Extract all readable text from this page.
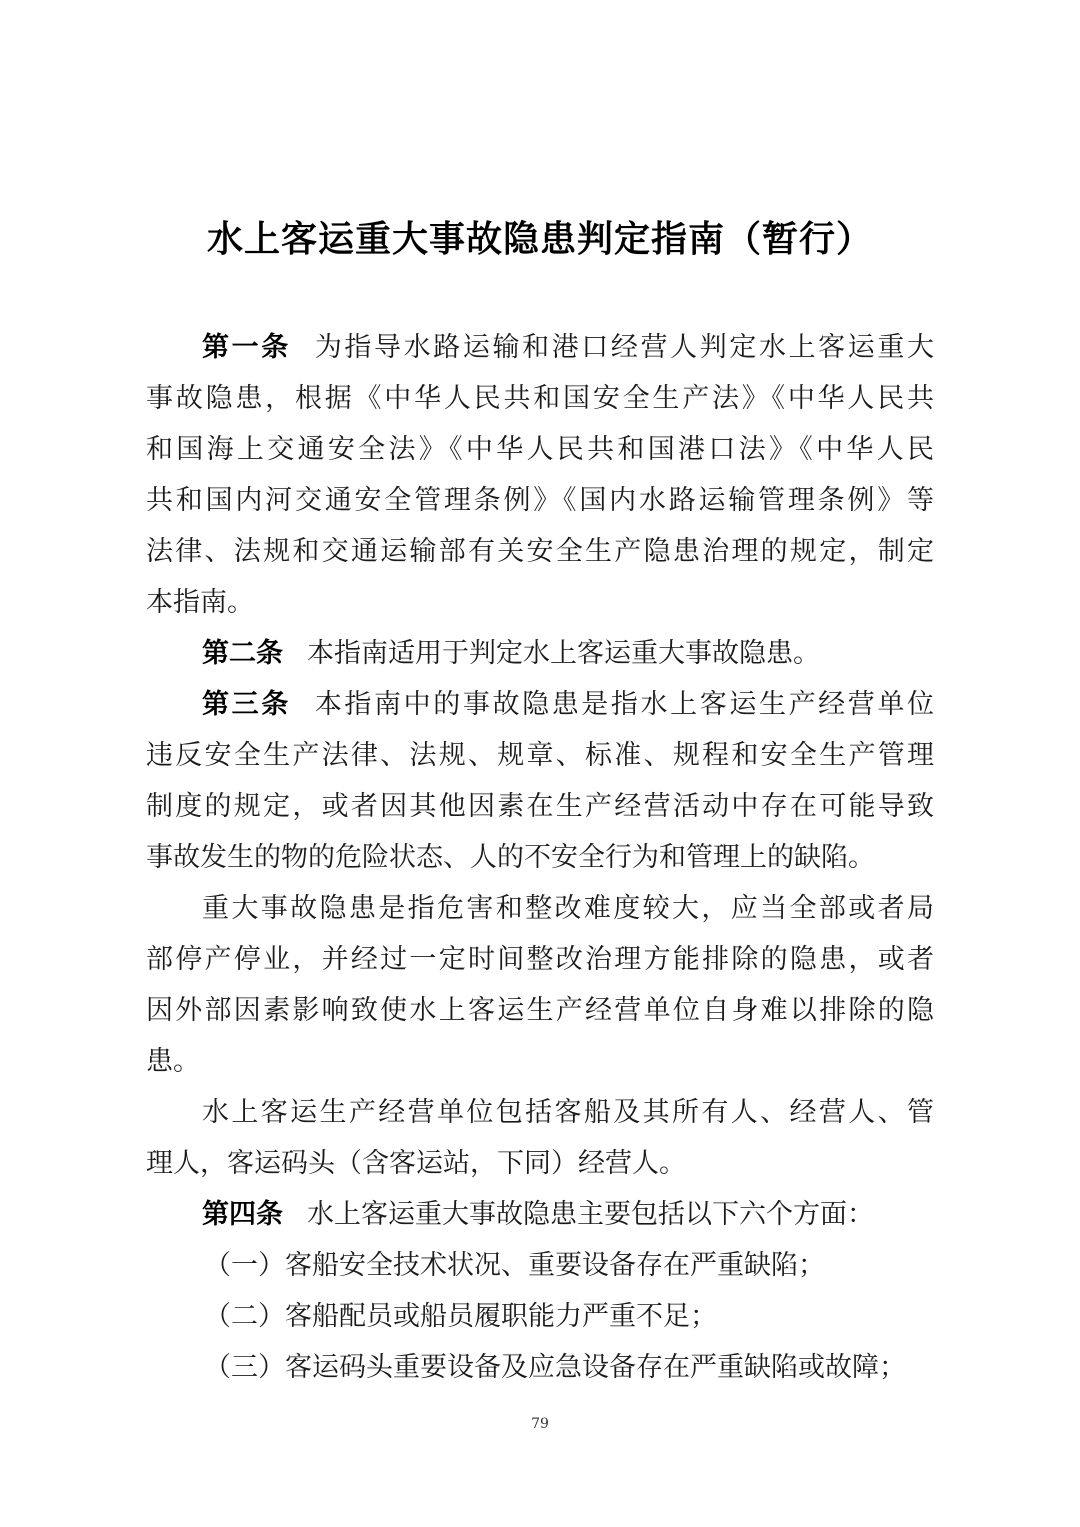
水上客运重大事故隐患判定指南（暂行）
第一条 为指导水路运输和港口经营人判定水上客运重大
事故隐患，根据《中华人民共和国安全生产法》《中华人民共
和国海上交通安全法》《中华人民共和国港口法》《中华人民
共和国内河交通安全管理条例》《国内水路运输管理条例》等
法律、法规和交通运输部有关安全生产隐患治理的规定，制定
本指南。
第二条 本指南适用于判定水上客运重大事故隐患。
第三条 本指南中的事故隐患是指水上客运生产经营单位
违反安全生产法律、法规、规章、标准、规程和安全生产管理
制度的规定，或者因其他因素在生产经营活动中存在可能导致
事故发生的物的危险状态、人的不安全行为和管理上的缺陷。
重大事故隐患是指危害和整改难度较大，应当全部或者局
部停产停业，并经过一定时间整改治理方能排除的隐患，或者
因外部因素影响致使水上客运生产经营单位自身难以排除的隐
患。
水上客运生产经营单位包括客船及其所有人、经营人、管
理人，客运码头（含客运站，下同）经营人。
第四条 水上客运重大事故隐患主要包括以下六个方面：
（一）客船安全技术状况、重要设备存在严重缺陷；
（二）客船配员或船员履职能力严重不足；
（三）客运码头重要设备及应急设备存在严重缺陷或故障；
79
